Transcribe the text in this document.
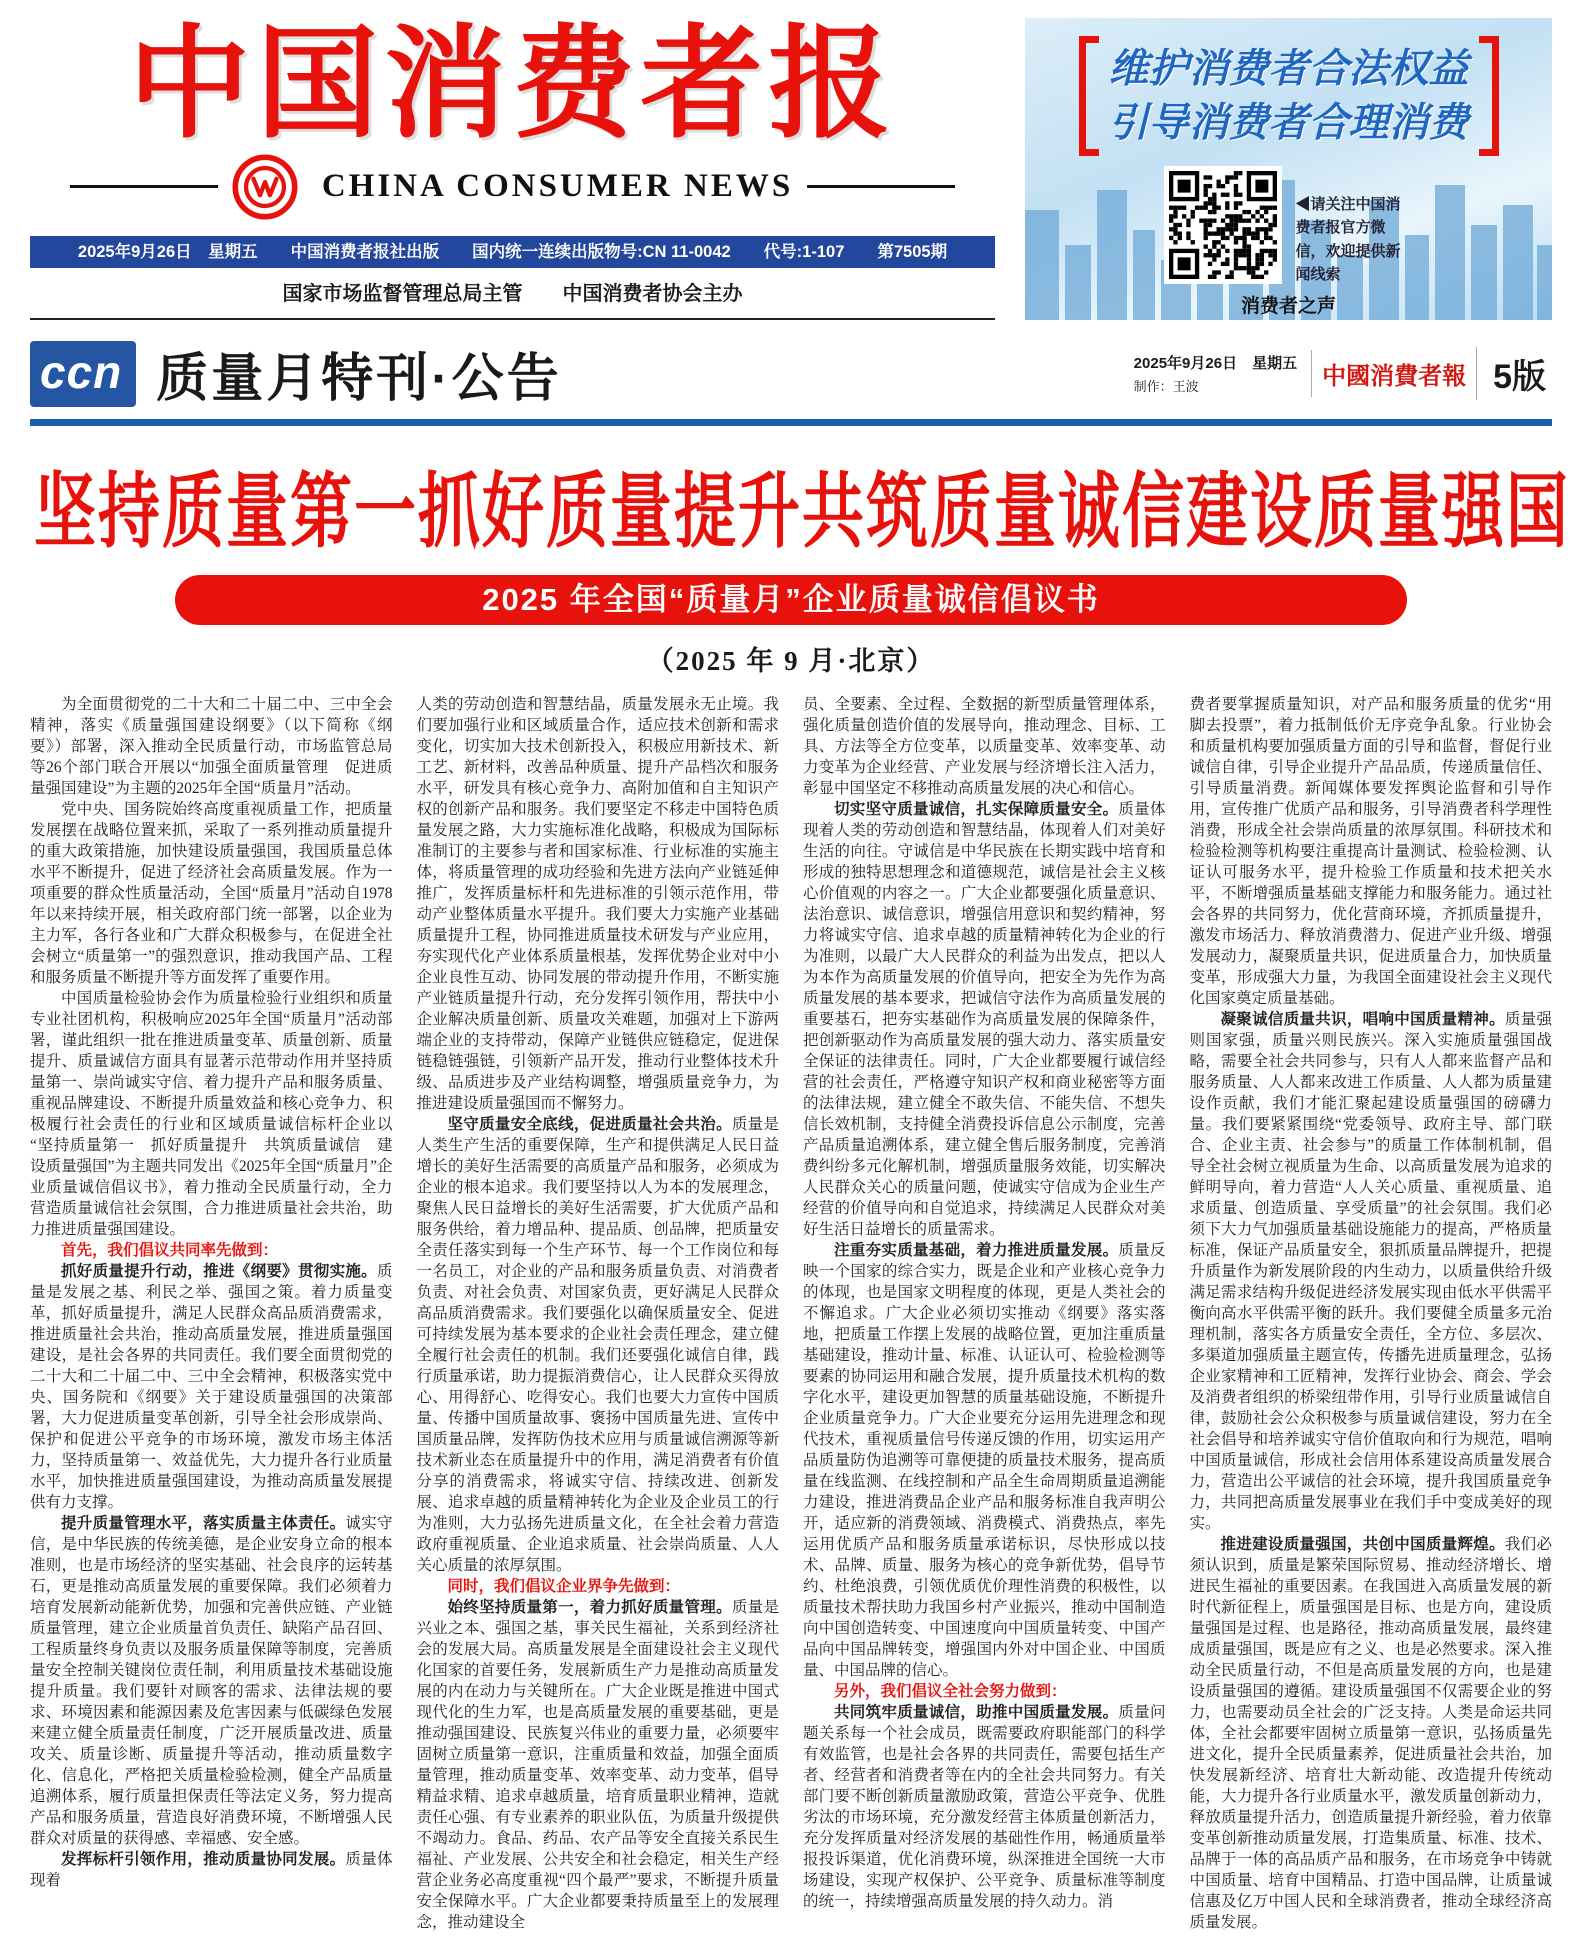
中国消费者报
CHINA CONSUMER NEWS
2025年9月26日　星期五　　中国消费者报社出版　　国内统一连续出版物号:CN 11-0042　　代号:1-107　　第7505期
国家市场监督管理总局主管　　中国消费者协会主办
维护消费者合法权益
引导消费者合理消费
◀请关注中国消费者报官方微信，欢迎提供新闻线索
消费者之声
ccn 质量月特刊·公告	2025年9月26日　星期五
制作：王波	中國消費者報 5版
坚持质量第一 抓好质量提升 共筑质量诚信 建设质量强国
2025 年全国“质量月”企业质量诚信倡议书
（2025 年 9 月·北京）

为全面贯彻党的二十大和二十届二中、三中全会精神，落实《质量强国建设纲要》（以下简称《纲要》）部署，深入推动全民质量行动，市场监管总局等26个部门联合开展以“加强全面质量管理　促进质量强国建设”为主题的2025年全国“质量月”活动。

党中央、国务院始终高度重视质量工作，把质量发展摆在战略位置来抓，采取了一系列推动质量提升的重大政策措施，加快建设质量强国，我国质量总体水平不断提升，促进了经济社会高质量发展。作为一项重要的群众性质量活动，全国“质量月”活动自1978年以来持续开展，相关政府部门统一部署，以企业为主力军，各行各业和广大群众积极参与，在促进全社会树立“质量第一”的强烈意识，推动我国产品、工程和服务质量不断提升等方面发挥了重要作用。

中国质量检验协会作为质量检验行业组织和质量专业社团机构，积极响应2025年全国“质量月”活动部署，谨此组织一批在推进质量变革、质量创新、质量提升、质量诚信方面具有显著示范带动作用并坚持质量第一、崇尚诚实守信、着力提升产品和服务质量、重视品牌建设、不断提升质量效益和核心竞争力、积极履行社会责任的行业和区域质量诚信标杆企业以“坚持质量第一　抓好质量提升　共筑质量诚信　建设质量强国”为主题共同发出《2025年全国“质量月”企业质量诚信倡议书》，着力推动全民质量行动，全力营造质量诚信社会氛围，合力推进质量社会共治，助力推进质量强国建设。

首先，我们倡议共同率先做到：

抓好质量提升行动，推进《纲要》贯彻实施。质量是发展之基、利民之举、强国之策。着力质量变革，抓好质量提升，满足人民群众高品质消费需求，推进质量社会共治，推动高质量发展，推进质量强国建设，是社会各界的共同责任。我们要全面贯彻党的二十大和二十届二中、三中全会精神，积极落实党中央、国务院和《纲要》关于建设质量强国的决策部署，大力促进质量变革创新，引导全社会形成崇尚、保护和促进公平竞争的市场环境，激发市场主体活力，坚持质量第一、效益优先，大力提升各行业质量水平，加快推进质量强国建设，为推动高质量发展提供有力支撑。

提升质量管理水平，落实质量主体责任。诚实守信，是中华民族的传统美德，是企业安身立命的根本准则，也是市场经济的坚实基础、社会良序的运转基石，更是推动高质量发展的重要保障。我们必须着力培育发展新动能新优势，加强和完善供应链、产业链质量管理，建立企业质量首负责任、缺陷产品召回、工程质量终身负责以及服务质量保障等制度，完善质量安全控制关键岗位责任制，利用质量技术基础设施提升质量。我们要针对顾客的需求、法律法规的要求、环境因素和能源因素及危害因素与低碳绿色发展来建立健全质量责任制度，广泛开展质量改进、质量攻关、质量诊断、质量提升等活动，推动质量数字化、信息化，严格把关质量检验检测，健全产品质量追溯体系，履行质量担保责任等法定义务，努力提高产品和服务质量，营造良好消费环境，不断增强人民群众对质量的获得感、幸福感、安全感。

发挥标杆引领作用，推动质量协同发展。质量体现着

人类的劳动创造和智慧结晶，质量发展永无止境。我们要加强行业和区域质量合作，适应技术创新和需求变化，切实加大技术创新投入，积极应用新技术、新工艺、新材料，改善品种质量、提升产品档次和服务水平，研发具有核心竞争力、高附加值和自主知识产权的创新产品和服务。我们要坚定不移走中国特色质量发展之路，大力实施标准化战略，积极成为国际标准制订的主要参与者和国家标准、行业标准的实施主体，将质量管理的成功经验和先进方法向产业链延伸推广，发挥质量标杆和先进标准的引领示范作用，带动产业整体质量水平提升。我们要大力实施产业基础质量提升工程，协同推进质量技术研发与产业应用，夯实现代化产业体系质量根基，发挥优势企业对中小企业良性互动、协同发展的带动提升作用，不断实施产业链质量提升行动，充分发挥引领作用，帮扶中小企业解决质量创新、质量攻关难题，加强对上下游两端企业的支持带动，保障产业链供应链稳定，促进保链稳链强链，引领新产品开发，推动行业整体技术升级、品质进步及产业结构调整，增强质量竞争力，为推进建设质量强国而不懈努力。

坚守质量安全底线，促进质量社会共治。质量是人类生产生活的重要保障，生产和提供满足人民日益增长的美好生活需要的高质量产品和服务，必须成为企业的根本追求。我们要坚持以人为本的发展理念，聚焦人民日益增长的美好生活需要，扩大优质产品和服务供给，着力增品种、提品质、创品牌，把质量安全责任落实到每一个生产环节、每一个工作岗位和每一名员工，对企业的产品和服务质量负责、对消费者负责、对社会负责、对国家负责，更好满足人民群众高品质消费需求。我们要强化以确保质量安全、促进可持续发展为基本要求的企业社会责任理念，建立健全履行社会责任的机制。我们还要强化诚信自律，践行质量承诺，助力提振消费信心，让人民群众买得放心、用得舒心、吃得安心。我们也要大力宣传中国质量、传播中国质量故事、褒扬中国质量先进、宣传中国质量品牌，发挥防伪技术应用与质量诚信溯源等新技术新业态在质量提升中的作用，满足消费者有价值分享的消费需求，将诚实守信、持续改进、创新发展、追求卓越的质量精神转化为企业及企业员工的行为准则，大力弘扬先进质量文化，在全社会着力营造政府重视质量、企业追求质量、社会崇尚质量、人人关心质量的浓厚氛围。

同时，我们倡议企业界争先做到：

始终坚持质量第一，着力抓好质量管理。质量是兴业之本、强国之基，事关民生福祉，关系到经济社会的发展大局。高质量发展是全面建设社会主义现代化国家的首要任务，发展新质生产力是推动高质量发展的内在动力与关键所在。广大企业既是推进中国式现代化的生力军，也是高质量发展的重要基础，更是推动强国建设、民族复兴伟业的重要力量，必须要牢固树立质量第一意识，注重质量和效益，加强全面质量管理，推动质量变革、效率变革、动力变革，倡导精益求精、追求卓越质量，培育质量职业精神，造就责任心强、有专业素养的职业队伍，为质量升级提供不竭动力。食品、药品、农产品等安全直接关系民生福祉、产业发展、公共安全和社会稳定，相关生产经营企业务必高度重视“四个最严”要求，不断提升质量安全保障水平。广大企业都要秉持质量至上的发展理念，推动建设全

员、全要素、全过程、全数据的新型质量管理体系，强化质量创造价值的发展导向，推动理念、目标、工具、方法等全方位变革，以质量变革、效率变革、动力变革为企业经营、产业发展与经济增长注入活力，彰显中国坚定不移推动高质量发展的决心和信心。

切实坚守质量诚信，扎实保障质量安全。质量体现着人类的劳动创造和智慧结晶，体现着人们对美好生活的向往。守诚信是中华民族在长期实践中培育和形成的独特思想理念和道德规范，诚信是社会主义核心价值观的内容之一。广大企业都要强化质量意识、法治意识、诚信意识，增强信用意识和契约精神，努力将诚实守信、追求卓越的质量精神转化为企业的行为准则，以最广大人民群众的利益为出发点，把以人为本作为高质量发展的价值导向，把安全为先作为高质量发展的基本要求，把诚信守法作为高质量发展的重要基石，把夯实基础作为高质量发展的保障条件，把创新驱动作为高质量发展的强大动力、落实质量安全保证的法律责任。同时，广大企业都要履行诚信经营的社会责任，严格遵守知识产权和商业秘密等方面的法律法规，建立健全不敢失信、不能失信、不想失信长效机制，支持健全消费投诉信息公示制度，完善产品质量追溯体系，建立健全售后服务制度，完善消费纠纷多元化解机制，增强质量服务效能，切实解决人民群众关心的质量问题，使诚实守信成为企业生产经营的价值导向和自觉追求，持续满足人民群众对美好生活日益增长的质量需求。

注重夯实质量基础，着力推进质量发展。质量反映一个国家的综合实力，既是企业和产业核心竞争力的体现，也是国家文明程度的体现，更是人类社会的不懈追求。广大企业必须切实推动《纲要》落实落地，把质量工作摆上发展的战略位置，更加注重质量基础建设，推动计量、标准、认证认可、检验检测等要素的协同运用和融合发展，提升质量技术机构的数字化水平，建设更加智慧的质量基础设施，不断提升企业质量竞争力。广大企业要充分运用先进理念和现代技术，重视质量信号传递反馈的作用，切实运用产品质量防伪追溯等可靠便捷的质量技术服务，提高质量在线监测、在线控制和产品全生命周期质量追溯能力建设，推进消费品企业产品和服务标准自我声明公开，适应新的消费领域、消费模式、消费热点，率先运用优质产品和服务质量承诺标识，尽快形成以技术、品牌、质量、服务为核心的竞争新优势，倡导节约、杜绝浪费，引领优质优价理性消费的积极性，以质量技术帮扶助力我国乡村产业振兴，推动中国制造向中国创造转变、中国速度向中国质量转变、中国产品向中国品牌转变，增强国内外对中国企业、中国质量、中国品牌的信心。

另外，我们倡议全社会努力做到：

共同筑牢质量诚信，助推中国质量发展。质量问题关系每一个社会成员，既需要政府职能部门的科学有效监管，也是社会各界的共同责任，需要包括生产者、经营者和消费者等在内的全社会共同努力。有关部门要不断创新质量激励政策，营造公平竞争、优胜劣汰的市场环境，充分激发经营主体质量创新活力，充分发挥质量对经济发展的基础性作用，畅通质量举报投诉渠道，优化消费环境，纵深推进全国统一大市场建设，实现产权保护、公平竞争、质量标准等制度的统一，持续增强高质量发展的持久动力。消

费者要掌握质量知识，对产品和服务质量的优劣“用脚去投票”，着力抵制低价无序竞争乱象。行业协会和质量机构要加强质量方面的引导和监督，督促行业诚信自律，引导企业提升产品品质，传递质量信任、引导质量消费。新闻媒体要发挥舆论监督和引导作用，宣传推广优质产品和服务，引导消费者科学理性消费，形成全社会崇尚质量的浓厚氛围。科研技术和检验检测等机构要注重提高计量测试、检验检测、认证认可服务水平，提升检验工作质量和技术把关水平，不断增强质量基础支撑能力和服务能力。通过社会各界的共同努力，优化营商环境，齐抓质量提升，激发市场活力、释放消费潜力、促进产业升级、增强发展动力，凝聚质量共识，促进质量合力，加快质量变革，形成强大力量，为我国全面建设社会主义现代化国家奠定质量基础。

凝聚诚信质量共识，唱响中国质量精神。质量强则国家强，质量兴则民族兴。深入实施质量强国战略，需要全社会共同参与，只有人人都来监督产品和服务质量、人人都来改进工作质量、人人都为质量建设作贡献，我们才能汇聚起建设质量强国的磅礴力量。我们要紧紧围绕“党委领导、政府主导、部门联合、企业主责、社会参与”的质量工作体制机制，倡导全社会树立视质量为生命、以高质量发展为追求的鲜明导向，着力营造“人人关心质量、重视质量、追求质量、创造质量、享受质量”的社会氛围。我们必须下大力气加强质量基础设施能力的提高，严格质量标准，保证产品质量安全，狠抓质量品牌提升，把提升质量作为新发展阶段的内生动力，以质量供给升级满足需求结构升级促进经济发展实现由低水平供需平衡向高水平供需平衡的跃升。我们要健全质量多元治理机制，落实各方质量安全责任，全方位、多层次、多渠道加强质量主题宣传，传播先进质量理念，弘扬企业家精神和工匠精神，发挥行业协会、商会、学会及消费者组织的桥梁纽带作用，引导行业质量诚信自律，鼓励社会公众积极参与质量诚信建设，努力在全社会倡导和培养诚实守信价值取向和行为规范，唱响中国质量诚信，形成社会信用体系建设高质量发展合力，营造出公平诚信的社会环境，提升我国质量竞争力，共同把高质量发展事业在我们手中变成美好的现实。

推进建设质量强国，共创中国质量辉煌。我们必须认识到，质量是繁荣国际贸易、推动经济增长、增进民生福祉的重要因素。在我国进入高质量发展的新时代新征程上，质量强国是目标、也是方向，建设质量强国是过程、也是路径，推动高质量发展，最终建成质量强国，既是应有之义、也是必然要求。深入推动全民质量行动，不但是高质量发展的方向，也是建设质量强国的遵循。建设质量强国不仅需要企业的努力，也需要动员全社会的广泛支持。人类是命运共同体，全社会都要牢固树立质量第一意识，弘扬质量先进文化，提升全民质量素养，促进质量社会共治，加快发展新经济、培育壮大新动能、改造提升传统动能，大力提升各行业质量水平，激发质量创新动力，释放质量提升活力，创造质量提升新经验，着力依靠变革创新推动质量发展，打造集质量、标准、技术、品牌于一体的高品质产品和服务，在市场竞争中铸就中国质量、培育中国精品、打造中国品牌，让质量诚信惠及亿万中国人民和全球消费者，推动全球经济高质量发展。
